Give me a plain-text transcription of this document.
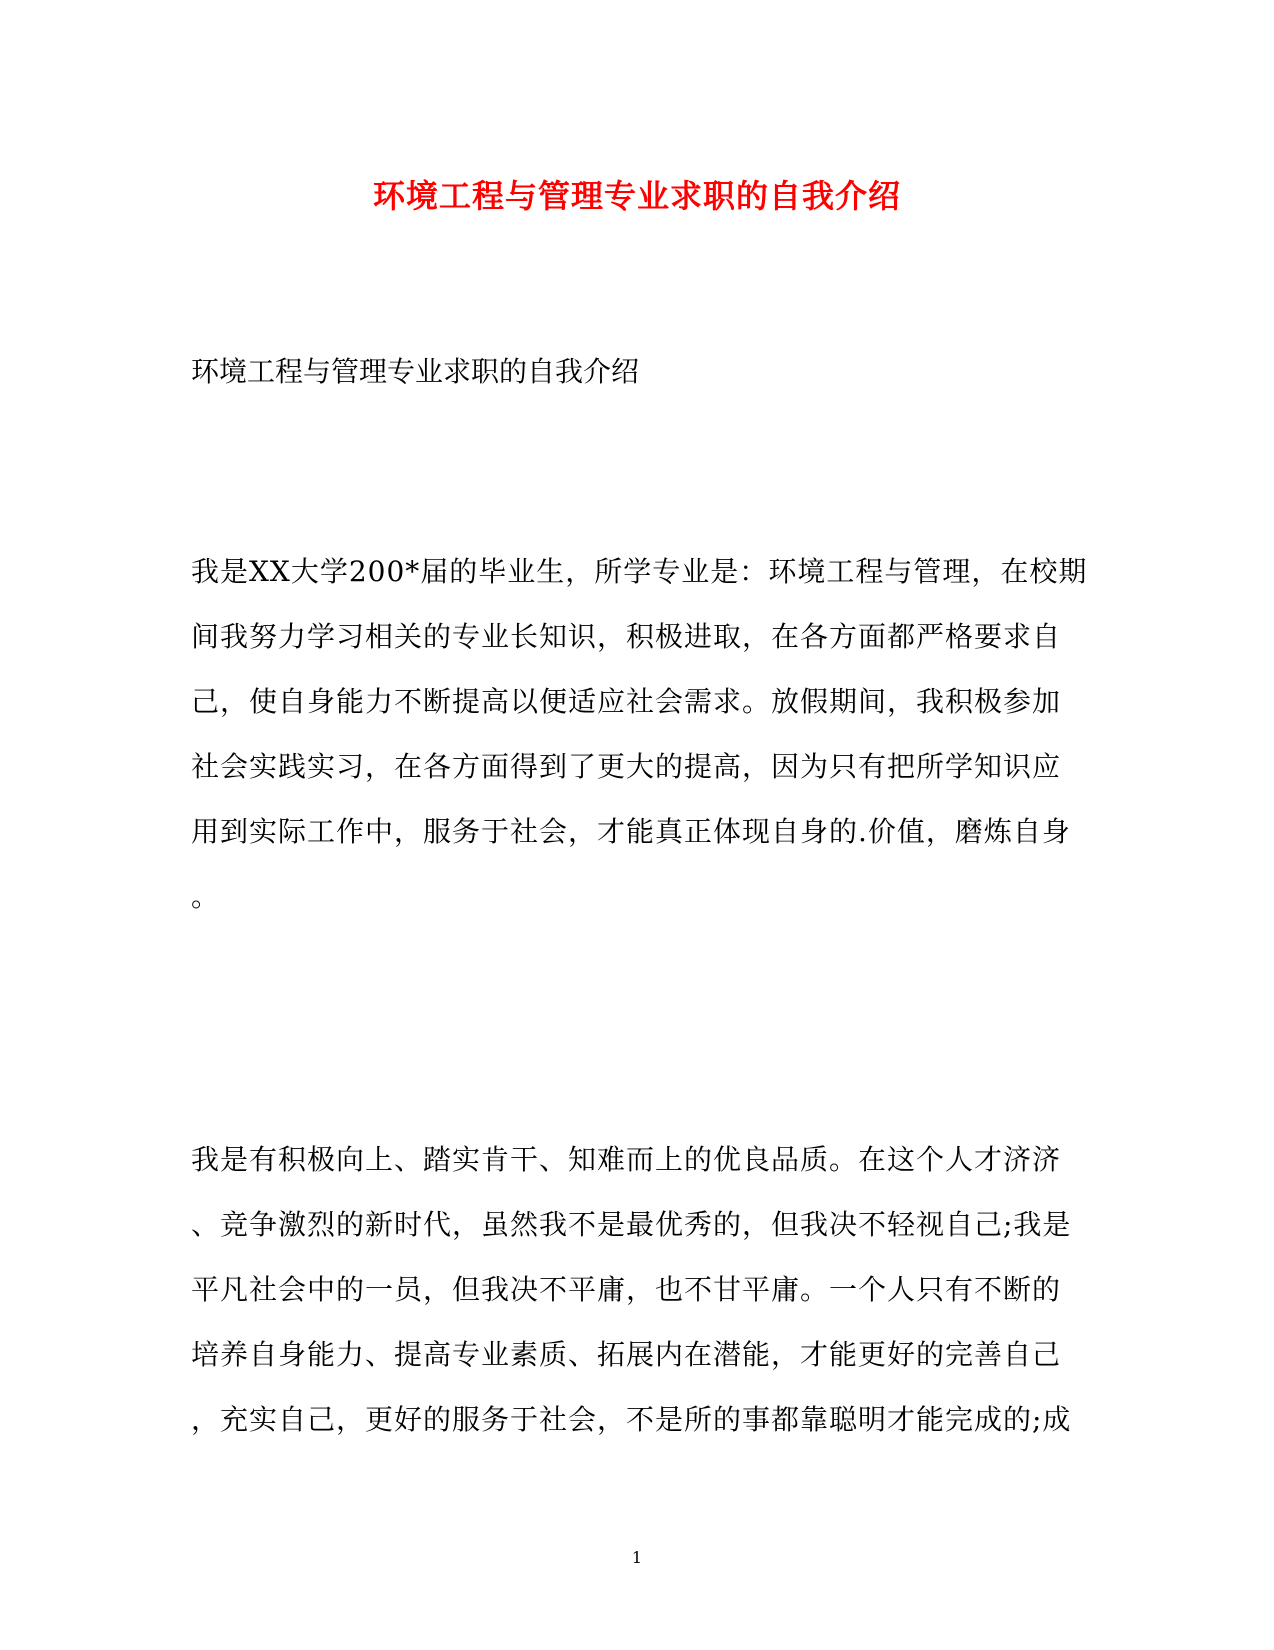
环境工程与管理专业求职的自我介绍
环境工程与管理专业求职的自我介绍
我是XX大学200*届的毕业生，所学专业是：环境工程与管理，在校期
间我努力学习相关的专业长知识，积极进取，在各方面都严格要求自
己，使自身能力不断提高以便适应社会需求。放假期间，我积极参加
社会实践实习，在各方面得到了更大的提高，因为只有把所学知识应
用到实际工作中，服务于社会，才能真正体现自身的.价值，磨炼自身
。
我是有积极向上、踏实肯干、知难而上的优良品质。在这个人才济济
、竞争激烈的新时代，虽然我不是最优秀的，但我决不轻视自己;我是
平凡社会中的一员，但我决不平庸，也不甘平庸。一个人只有不断的
培养自身能力、提高专业素质、拓展内在潜能，才能更好的完善自己
，充实自己，更好的服务于社会，不是所的事都靠聪明才能完成的;成
1
